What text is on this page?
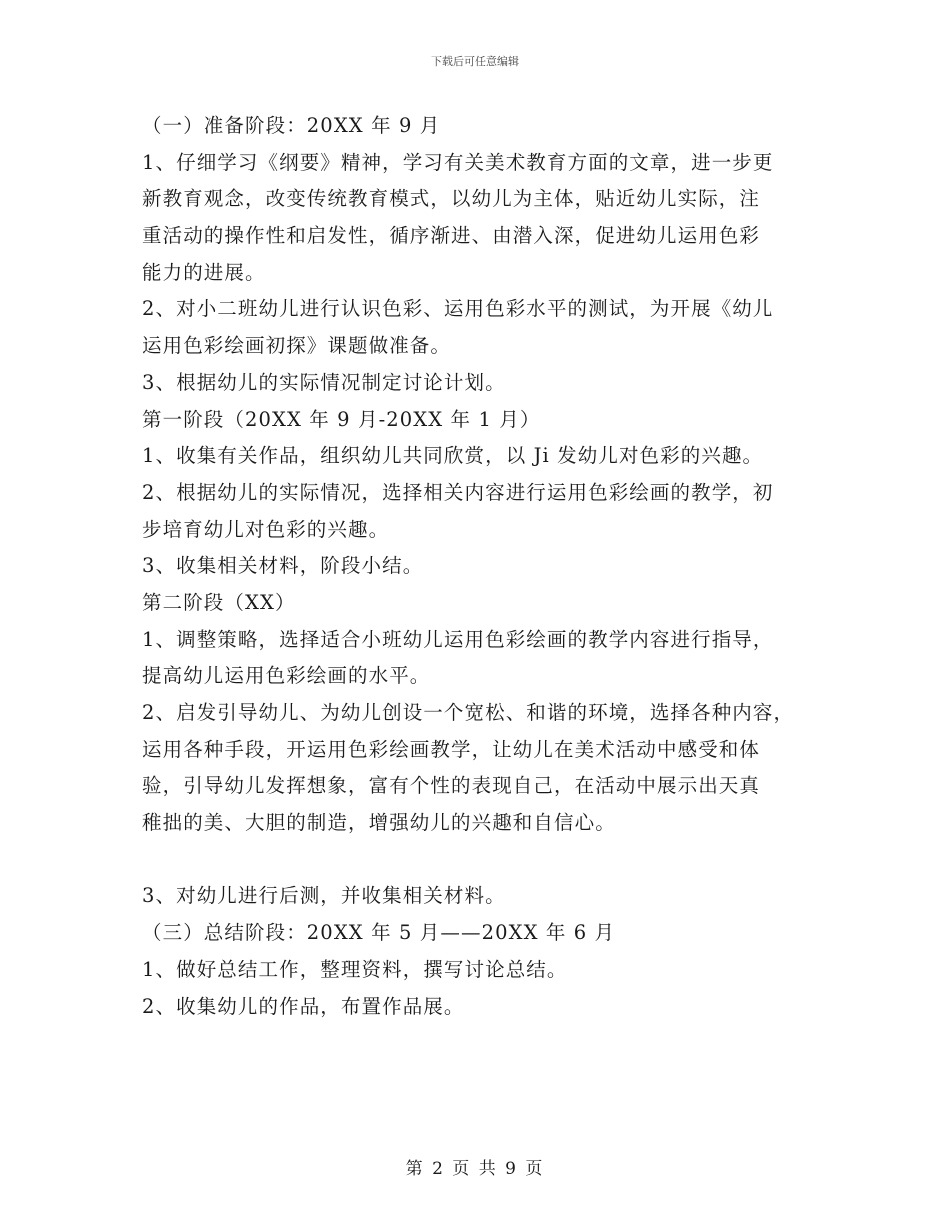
下载后可任意编辑
（一）准备阶段：20XX 年 9 月
1、仔细学习《纲要》精神，学习有关美术教育方面的文章，进一步更
新教育观念，改变传统教育模式，以幼儿为主体，贴近幼儿实际，注
重活动的操作性和启发性，循序渐进、由潜入深，促进幼儿运用色彩
能力的进展。
2、对小二班幼儿进行认识色彩、运用色彩水平的测试，为开展《幼儿
运用色彩绘画初探》课题做准备。
3、根据幼儿的实际情况制定讨论计划。
第一阶段（20XX 年 9 月-20XX 年 1 月）
1、收集有关作品，组织幼儿共同欣赏，以 Ji 发幼儿对色彩的兴趣。
2、根据幼儿的实际情况，选择相关内容进行运用色彩绘画的教学，初
步培育幼儿对色彩的兴趣。
3、收集相关材料，阶段小结。
第二阶段（XX）
1、调整策略，选择适合小班幼儿运用色彩绘画的教学内容进行指导，
提高幼儿运用色彩绘画的水平。
2、启发引导幼儿、为幼儿创设一个宽松、和谐的环境，选择各种内容，
运用各种手段，开运用色彩绘画教学，让幼儿在美术活动中感受和体
验，引导幼儿发挥想象，富有个性的表现自己，在活动中展示出天真
稚拙的美、大胆的制造，增强幼儿的兴趣和自信心。
3、对幼儿进行后测，并收集相关材料。
（三）总结阶段：20XX 年 5 月——20XX 年 6 月
1、做好总结工作，整理资料，撰写讨论总结。
2、收集幼儿的作品，布置作品展。
第 2 页 共 9 页
